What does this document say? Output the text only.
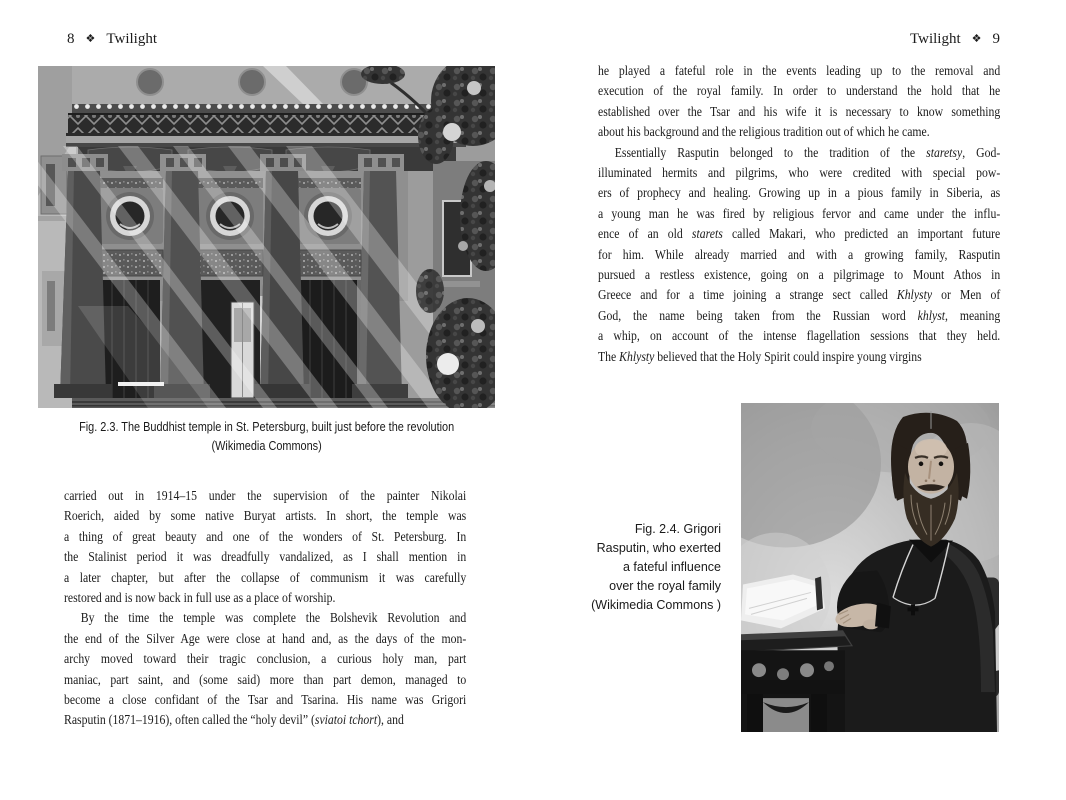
8 ❖ Twilight
Fig. 2.3. The Buddhist temple in St. Petersburg, built just before the revolution
(Wikimedia Commons)
carried out in 1914–15 under the supervision of the painter Nikolai
Roerich, aided by some native Buryat artists. In short, the temple was
a thing of great beauty and one of the wonders of St. Petersburg. In
the Stalinist period it was dreadfully vandalized, as I shall mention in
a later chapter, but after the collapse of communism it was carefully
restored and is now back in full use as a place of worship.
By the time the temple was complete the Bolshevik Revolution and
the end of the Silver Age were close at hand and, as the days of the mon-
archy moved toward their tragic conclusion, a curious holy man, part
maniac, part saint, and (some said) more than part demon, managed to
become a close confidant of the Tsar and Tsarina. His name was Grigori
Rasputin (1871–1916), often called the “holy devil” (sviatoi tchort), and
Twilight ❖ 9
he played a fateful role in the events leading up to the removal and
execution of the royal family. In order to understand the hold that he
established over the Tsar and his wife it is necessary to know something
about his background and the religious tradition out of which he came.
Essentially Rasputin belonged to the tradition of the staretsy, God-
illuminated hermits and pilgrims, who were credited with special pow-
ers of prophecy and healing. Growing up in a pious family in Siberia, as
a young man he was fired by religious fervor and came under the influ-
ence of an old starets called Makari, who predicted an important future
for him. While already married and with a growing family, Rasputin
pursued a restless existence, going on a pilgrimage to Mount Athos in
Greece and for a time joining a strange sect called Khlysty or Men of
God, the name being taken from the Russian word khlyst, meaning
a whip, on account of the intense flagellation sessions that they held.
The Khlysty believed that the Holy Spirit could inspire young virgins
Fig. 2.4. Grigori
Rasputin, who exerted
a fateful influence
over the royal family
(Wikimedia Commons )
